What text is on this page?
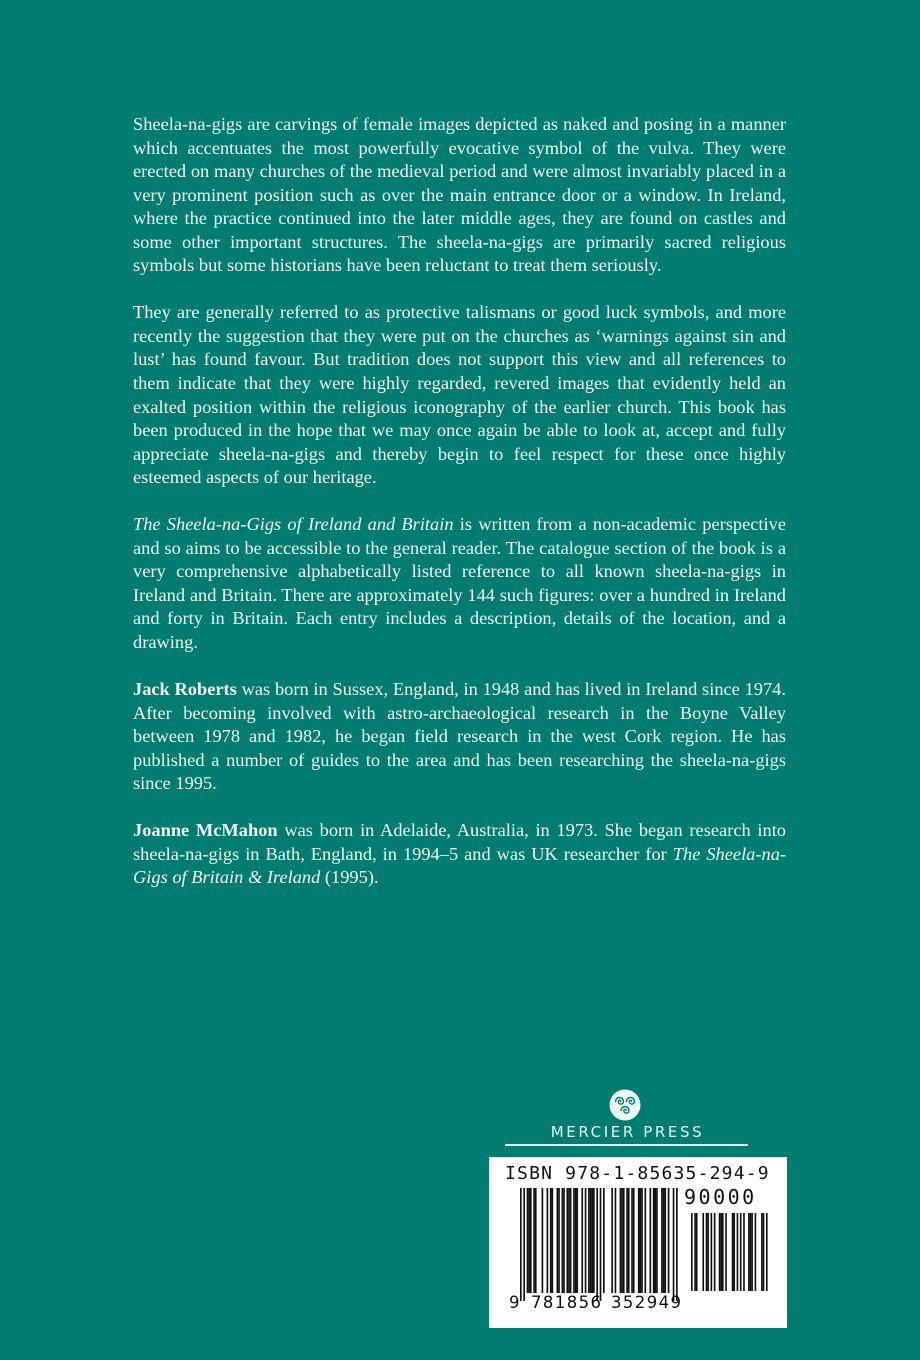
Sheela-na-gigs are carvings of female images depicted as naked and posing in a manner which accentuates the most powerfully evocative symbol of the vulva. They were erected on many churches of the medieval period and were almost invariably placed in a very prominent position such as over the main entrance door or a window. In Ireland, where the practice continued into the later middle ages, they are found on castles and some other important structures. The sheela-na-gigs are primarily sacred religious symbols but some historians have been reluctant to treat them seriously.

They are generally referred to as protective talismans or good luck symbols, and more recently the suggestion that they were put on the churches as ‘warnings against sin and lust’ has found favour. But tradition does not support this view and all references to them indicate that they were highly regarded, revered images that evidently held an exalted position within the religious iconography of the earlier church. This book has been produced in the hope that we may once again be able to look at, accept and fully appreciate sheela-na-gigs and thereby begin to feel respect for these once highly esteemed aspects of our heritage.

The Sheela-na-Gigs of Ireland and Britain is written from a non-academic perspective and so aims to be accessible to the general reader. The catalogue section of the book is a very comprehensive alphabetically listed reference to all known sheela-na-gigs in Ireland and Britain. There are approximately 144 such figures: over a hundred in Ireland and forty in Britain. Each entry includes a description, details of the location, and a drawing.

Jack Roberts was born in Sussex, England, in 1948 and has lived in Ireland since 1974. After becoming involved with astro-archaeological research in the Boyne Valley between 1978 and 1982, he began field research in the west Cork region. He has published a number of guides to the area and has been researching the sheela-na-gigs since 1995.

Joanne McMahon was born in Adelaide, Australia, in 1973. She began research into sheela-na-gigs in Bath, England, in 1994–5 and was UK researcher for The Sheela-na-Gigs of Britain & Ireland (1995).

MERCIER PRESS
ISBN 978-1-85635-294-9
90000
9 781856 352949
